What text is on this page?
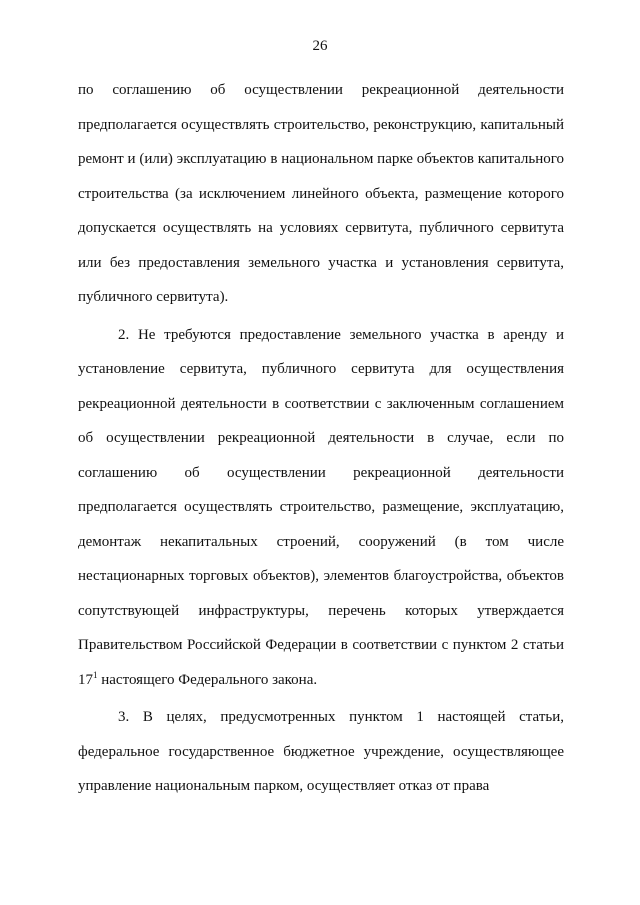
26

по соглашению об осуществлении рекреационной деятельности предполагается осуществлять строительство, реконструкцию, капитальный ремонт и (или) эксплуатацию в национальном парке объектов капитального строительства (за исключением линейного объекта, размещение которого допускается осуществлять на условиях сервитута, публичного сервитута или без предоставления земельного участка и установления сервитута, публичного сервитута).

2. Не требуются предоставление земельного участка в аренду и установление сервитута, публичного сервитута для осуществления рекреационной деятельности в соответствии с заключенным соглашением об осуществлении рекреационной деятельности в случае, если по соглашению об осуществлении рекреационной деятельности предполагается осуществлять строительство, размещение, эксплуатацию, демонтаж некапитальных строений, сооружений (в том числе нестационарных торговых объектов), элементов благоустройства, объектов сопутствующей инфраструктуры, перечень которых утверждается Правительством Российской Федерации в соответствии с пунктом 2 статьи $17^1$ настоящего Федерального закона.

3. В целях, предусмотренных пунктом 1 настоящей статьи, федеральное государственное бюджетное учреждение, осуществляющее управление национальным парком, осуществляет отказ от права
